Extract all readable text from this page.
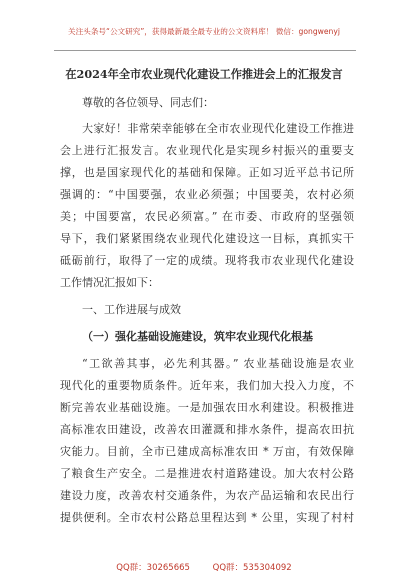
关注头条号“公文研究”，获得最新最全最专业的公文资料库！ 微信：gongwenyj
在2024年全市农业现代化建设工作推进会上的汇报发言
尊敬的各位领导、同志们：
大家好！非常荣幸能够在全市农业现代化建设工作推进
会上进行汇报发言。农业现代化是实现乡村振兴的重要支
撑，也是国家现代化的基础和保障。正如习近平总书记所
强调的：“中国要强，农业必须强；中国要美，农村必须
美；中国要富，农民必须富。” 在市委、市政府的坚强领
导下，我们紧紧围绕农业现代化建设这一目标，真抓实干
砥砺前行，取得了一定的成绩。现将我市农业现代化建设
工作情况汇报如下：
一、工作进展与成效
（一）强化基础设施建设，筑牢农业现代化根基
“工欲善其事，必先利其器。” 农业基础设施是农业
现代化的重要物质条件。近年来，我们加大投入力度，不
断完善农业基础设施。一是加强农田水利建设。积极推进
高标准农田建设，改善农田灌溉和排水条件，提高农田抗
灾能力。目前，全市已建成高标准农田 * 万亩，有效保障
了粮食生产安全。二是推进农村道路建设。加大农村公路
建设力度，改善农村交通条件，为农产品运输和农民出行
提供便利。全市农村公路总里程达到 * 公里，实现了村村
QQ群：30265665	QQ群：535304092
